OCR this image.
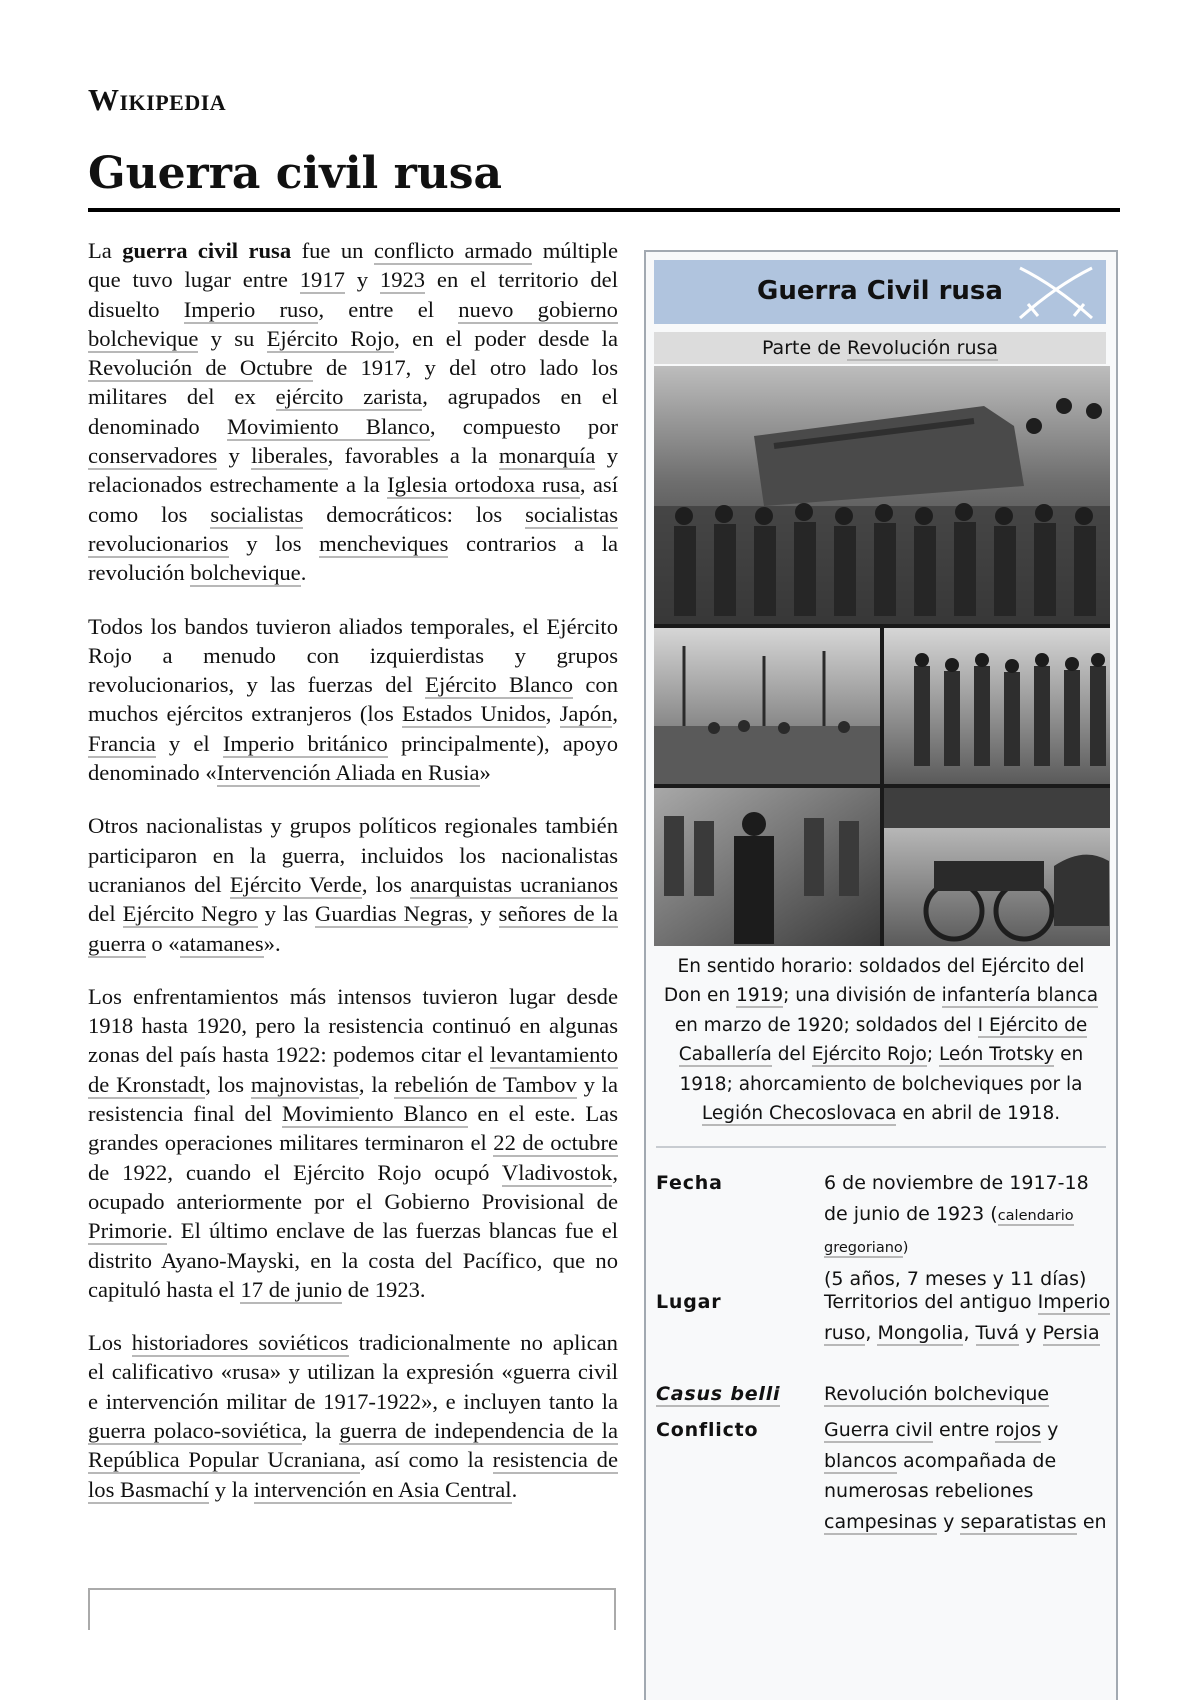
Wikipedia
Guerra civil rusa

La guerra civil rusa fue un conflicto armado múltiple que tuvo lugar entre 1917 y 1923 en el territorio del disuelto Imperio ruso, entre el nuevo gobierno bolchevique y su Ejército Rojo, en el poder desde la Revolución de Octubre de 1917, y del otro lado los militares del ex ejército zarista, agrupados en el denominado Movimiento Blanco, compuesto por conservadores y liberales, favorables a la monarquía y relacionados estrechamente a la Iglesia ortodoxa rusa, así como los socialistas democráticos: los socialistas revolucionarios y los mencheviques contrarios a la revolución bolchevique.

Todos los bandos tuvieron aliados temporales, el Ejército Rojo a menudo con izquierdistas y grupos revolucionarios, y las fuerzas del Ejército Blanco con muchos ejércitos extranjeros (los Estados Unidos, Japón, Francia y el Imperio británico principalmente), apoyo denominado «Intervención Aliada en Rusia»

Otros nacionalistas y grupos políticos regionales también participaron en la guerra, incluidos los nacionalistas ucranianos del Ejército Verde, los anarquistas ucranianos del Ejército Negro y las Guardias Negras, y señores de la guerra o «atamanes».

Los enfrentamientos más intensos tuvieron lugar desde 1918 hasta 1920, pero la resistencia continuó en algunas zonas del país hasta 1922: podemos citar el levantamiento de Kronstadt, los majnovistas, la rebelión de Tambov y la resistencia final del Movimiento Blanco en el este. Las grandes operaciones militares terminaron el 22 de octubre de 1922, cuando el Ejército Rojo ocupó Vladivostok, ocupado anteriormente por el Gobierno Provisional de Primorie. El último enclave de las fuerzas blancas fue el distrito Ayano-Mayski, en la costa del Pacífico, que no capituló hasta el 17 de junio de 1923.

Los historiadores soviéticos tradicionalmente no aplican el calificativo «rusa» y utilizan la expresión «guerra civil e intervención militar de 1917-1922», e incluyen tanto la guerra polaco-soviética, la guerra de independencia de la República Popular Ucraniana, así como la resistencia de los Basmachí y la intervención en Asia Central.

Guerra Civil rusa
Parte de Revolución rusa
En sentido horario: soldados del Ejército del Don en 1919; una división de infantería blanca en marzo de 1920; soldados del I Ejército de Caballería del Ejército Rojo; León Trotsky en 1918; ahorcamiento de bolcheviques por la Legión Checoslovaca en abril de 1918.
Fecha	6 de noviembre de 1917-18 de junio de 1923 (calendario gregoriano)
(5 años, 7 meses y 11 días)
Lugar	Territorios del antiguo Imperio ruso, Mongolia, Tuvá y Persia
Casus belli	Revolución bolchevique
Conflicto	Guerra civil entre rojos y blancos acompañada de numerosas rebeliones campesinas y separatistas en
